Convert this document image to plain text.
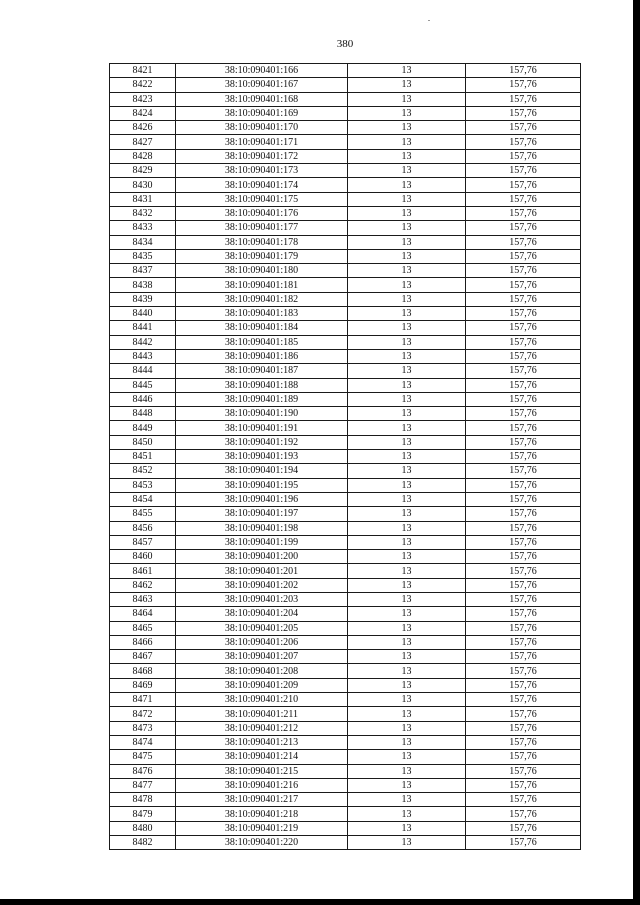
380
8421	38:10:090401:166	13	157,76
8422	38:10:090401:167	13	157,76
8423	38:10:090401:168	13	157,76
8424	38:10:090401:169	13	157,76
8426	38:10:090401:170	13	157,76
8427	38:10:090401:171	13	157,76
8428	38:10:090401:172	13	157,76
8429	38:10:090401:173	13	157,76
8430	38:10:090401:174	13	157,76
8431	38:10:090401:175	13	157,76
8432	38:10:090401:176	13	157,76
8433	38:10:090401:177	13	157,76
8434	38:10:090401:178	13	157,76
8435	38:10:090401:179	13	157,76
8437	38:10:090401:180	13	157,76
8438	38:10:090401:181	13	157,76
8439	38:10:090401:182	13	157,76
8440	38:10:090401:183	13	157,76
8441	38:10:090401:184	13	157,76
8442	38:10:090401:185	13	157,76
8443	38:10:090401:186	13	157,76
8444	38:10:090401:187	13	157,76
8445	38:10:090401:188	13	157,76
8446	38:10:090401:189	13	157,76
8448	38:10:090401:190	13	157,76
8449	38:10:090401:191	13	157,76
8450	38:10:090401:192	13	157,76
8451	38:10:090401:193	13	157,76
8452	38:10:090401:194	13	157,76
8453	38:10:090401:195	13	157,76
8454	38:10:090401:196	13	157,76
8455	38:10:090401:197	13	157,76
8456	38:10:090401:198	13	157,76
8457	38:10:090401:199	13	157,76
8460	38:10:090401:200	13	157,76
8461	38:10:090401:201	13	157,76
8462	38:10:090401:202	13	157,76
8463	38:10:090401:203	13	157,76
8464	38:10:090401:204	13	157,76
8465	38:10:090401:205	13	157,76
8466	38:10:090401:206	13	157,76
8467	38:10:090401:207	13	157,76
8468	38:10:090401:208	13	157,76
8469	38:10:090401:209	13	157,76
8471	38:10:090401:210	13	157,76
8472	38:10:090401:211	13	157,76
8473	38:10:090401:212	13	157,76
8474	38:10:090401:213	13	157,76
8475	38:10:090401:214	13	157,76
8476	38:10:090401:215	13	157,76
8477	38:10:090401:216	13	157,76
8478	38:10:090401:217	13	157,76
8479	38:10:090401:218	13	157,76
8480	38:10:090401:219	13	157,76
8482	38:10:090401:220	13	157,76
